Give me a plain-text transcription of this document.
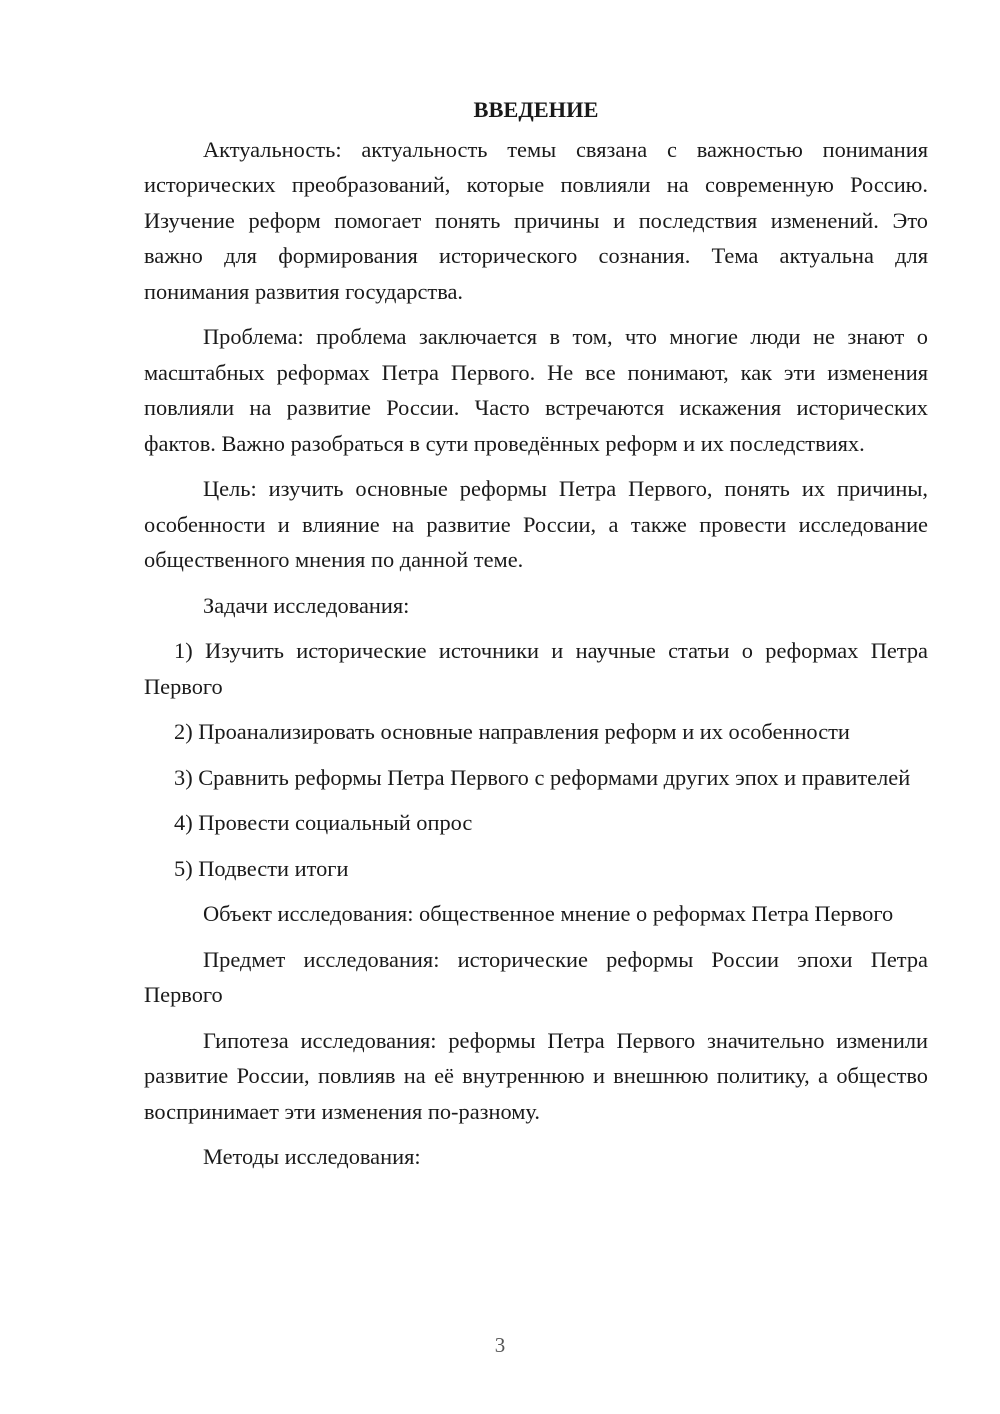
ВВЕДЕНИЕ

Актуальность: актуальность темы связана с важностью понимания исторических преобразований, которые повлияли на современную Россию. Изучение реформ помогает понять причины и последствия изменений. Это важно для формирования исторического сознания. Тема актуальна для понимания развития государства.

Проблема: проблема заключается в том, что многие люди не знают о масштабных реформах Петра Первого. Не все понимают, как эти изменения повлияли на развитие России. Часто встречаются искажения исторических фактов. Важно разобраться в сути проведённых реформ и их последствиях.

Цель: изучить основные реформы Петра Первого, понять их причины, особенности и влияние на развитие России, а также провести исследование общественного мнения по данной теме.

Задачи исследования:

1) Изучить исторические источники и научные статьи о реформах Петра Первого

2) Проанализировать основные направления реформ и их особенности

3) Сравнить реформы Петра Первого с реформами других эпох и правителей

4) Провести социальный опрос

5) Подвести итоги

Объект исследования: общественное мнение о реформах Петра Первого

Предмет исследования: исторические реформы России эпохи Петра Первого

Гипотеза исследования: реформы Петра Первого значительно изменили развитие России, повлияв на её внутреннюю и внешнюю политику, а общество воспринимает эти изменения по-разному.

Методы исследования:

3
